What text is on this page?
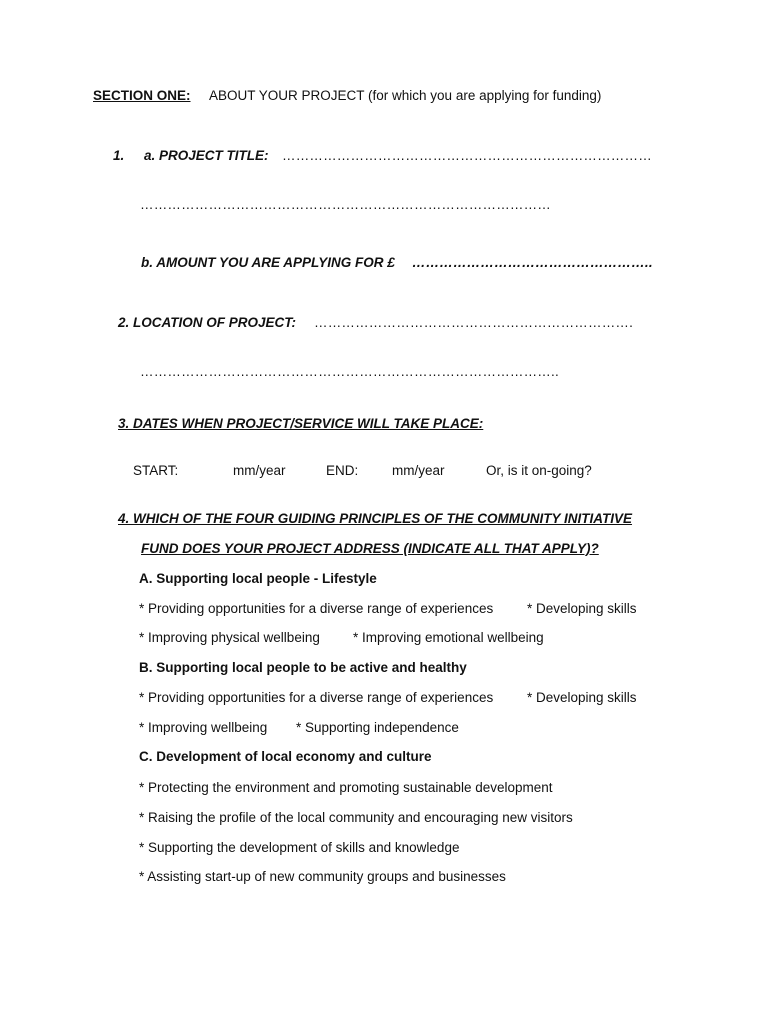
SECTION ONE: ABOUT YOUR PROJECT (for which you are applying for funding)
1. a. PROJECT TITLE: ………………………………………………………………………
………………………………………………………………………………
b. AMOUNT YOU ARE APPLYING FOR £ ……………………………………………..
2. LOCATION OF PROJECT: …………………………………………………………….
………………………………………………………………………………..
3. DATES WHEN PROJECT/SERVICE WILL TAKE PLACE:
START:	mm/year	END: mm/year	Or, is it on-going?
4. WHICH OF THE FOUR GUIDING PRINCIPLES OF THE COMMUNITY INITIATIVE
FUND DOES YOUR PROJECT ADDRESS (INDICATE ALL THAT APPLY)?
A. Supporting local people - Lifestyle
* Providing opportunities for a diverse range of experiences	* Developing skills
* Improving physical wellbeing * Improving emotional wellbeing
B. Supporting local people to be active and healthy
* Providing opportunities for a diverse range of experiences	* Developing skills
* Improving wellbeing * Supporting independence
C. Development of local economy and culture
* Protecting the environment and promoting sustainable development
* Raising the profile of the local community and encouraging new visitors
* Supporting the development of skills and knowledge
* Assisting start-up of new community groups and businesses
